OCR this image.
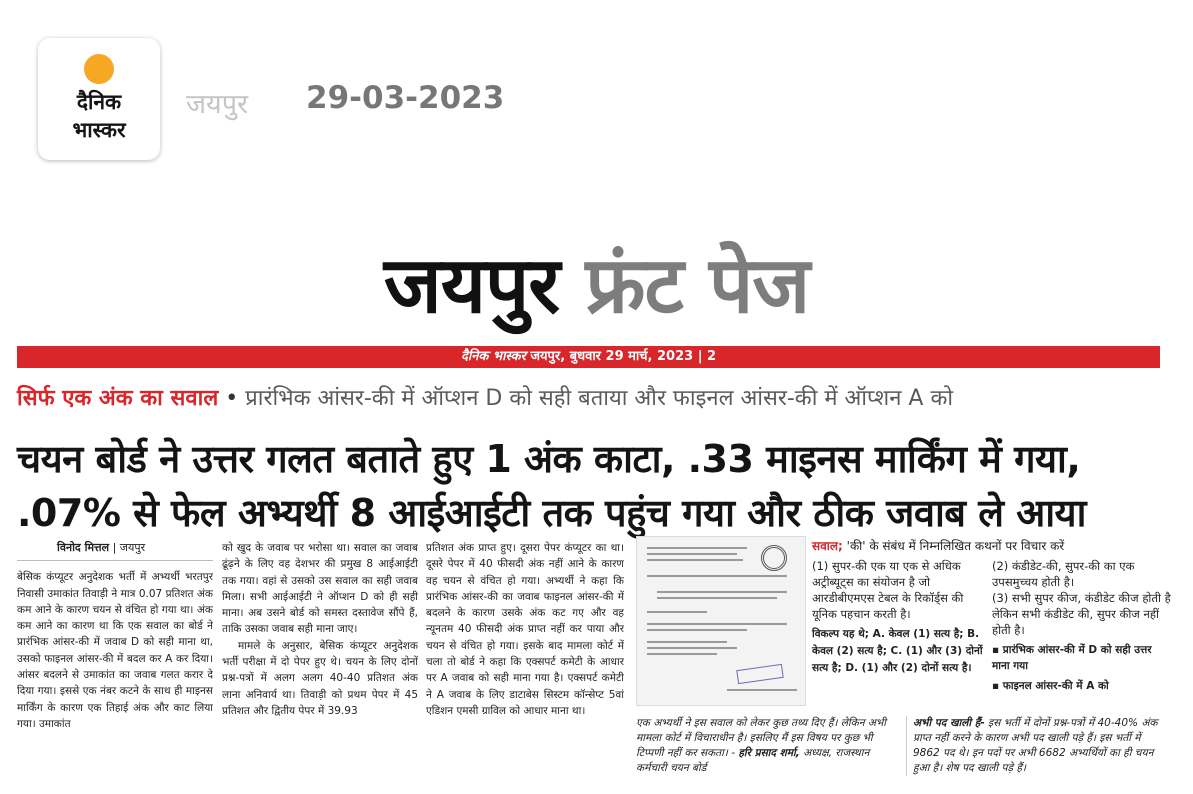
दैनिक
भास्कर
जयपुर 29-03-2023
जयपुर फ्रंट पेज
दैनिक भास्कर जयपुर, बुधवार 29 मार्च, 2023 | 2
सिर्फ एक अंक का सवाल • प्रारंभिक आंसर-की में ऑप्शन D को सही बताया और फाइनल आंसर-की में ऑप्शन A को
चयन बोर्ड ने उत्तर गलत बताते हुए 1 अंक काटा, .33 माइनस मार्किंग में गया,
.07% से फेल अभ्यर्थी 8 आईआईटी तक पहुंच गया और ठीक जवाब ले आया
विनोद मित्तल | जयपुर

बेसिक कंप्यूटर अनुदेशक भर्ती में अभ्यर्थी भरतपुर निवासी उमाकांत तिवाड़ी ने मात्र 0.07 प्रतिशत अंक कम आने के कारण चयन से वंचित हो गया था। अंक कम आने का कारण था कि एक सवाल का बोर्ड ने प्रारंभिक आंसर-की में जवाब D को सही माना था, उसको फाइनल आंसर-की में बदल कर A कर दिया। आंसर बदलने से उमाकांत का जवाब गलत करार दे दिया गया। इससे एक नंबर कटने के साथ ही माइनस मार्किंग के कारण एक तिहाई अंक और काट लिया गया। उमाकांत

को खुद के जवाब पर भरोसा था। सवाल का जवाब ढूंढ़ने के लिए वह देशभर की प्रमुख 8 आईआईटी तक गया। वहां से उसको उस सवाल का सही जवाब मिला। सभी आईआईटी ने ऑप्शन D को ही सही माना। अब उसने बोर्ड को समस्त दस्तावेज सौंपे हैं, ताकि उसका जवाब सही माना जाए।

मामले के अनुसार, बेसिक कंप्यूटर अनुदेशक भर्ती परीक्षा में दो पेपर हुए थे। चयन के लिए दोनों प्रश्न-पत्रों में अलग अलग 40-40 प्रतिशत अंक लाना अनिवार्य था। तिवाड़ी को प्रथम पेपर में 45 प्रतिशत और द्वितीय पेपर में 39.93

प्रतिशत अंक प्राप्त हुए। दूसरा पेपर कंप्यूटर का था। दूसरे पेपर में 40 फीसदी अंक नहीं आने के कारण वह चयन से वंचित हो गया। अभ्यर्थी ने कहा कि प्रारंभिक आंसर-की का जवाब फाइनल आंसर-की में बदलने के कारण उसके अंक कट गए और वह न्यूनतम 40 फीसदी अंक प्राप्त नहीं कर पाया और चयन से वंचित हो गया। इसके बाद मामला कोर्ट में चला तो बोर्ड ने कहा कि एक्सपर्ट कमेटी के आधार पर A जवाब को सही माना गया है। एक्सपर्ट कमेटी ने A जवाब के लिए डाटाबेस सिस्टम कॉन्सेप्ट 5वां एडिशन एमसी ग्राविल को आधार माना था।

एक अभ्यर्थी ने इस सवाल को लेकर कुछ तथ्य दिए हैं। लेकिन अभी मामला कोर्ट में विचाराधीन है। इसलिए मैं इस विषय पर कुछ भी टिप्पणी नहीं कर सकता। - हरि प्रसाद शर्मा, अध्यक्ष, राजस्थान कर्मचारी चयन बोर्ड
सवाल; 'की' के संबंध में निम्नलिखित कथनों पर विचार करें
(1) सुपर-की एक या एक से अधिक अट्रीब्यूट्स का संयोजन है जो आरडीबीएमएस टेबल के रिकॉर्ड्स की यूनिक पहचान करती है।
विकल्प यह थे; A. केवल (1) सत्य है; B. केवल (2) सत्य है; C. (1) और (3) दोनों सत्य है; D. (1) और (2) दोनों सत्य है।
(2) कंडीडेट-की, सुपर-की का एक उपसमुच्चय होती है।
(3) सभी सुपर कीज, कंडीडेट कीज होती है लेकिन सभी कंडीडेट की, सुपर कीज नहीं होती है।
▪ प्रारंभिक आंसर-की में D को सही उत्तर माना गया
▪ फाइनल आंसर-की में A को
अभी पद खाली हैं- इस भर्ती में दोनों प्रश्न-पत्रों में 40-40% अंक प्राप्त नहीं करने के कारण अभी पद खाली पड़े हैं। इस भर्ती में 9862 पद थे। इन पदों पर अभी 6682 अभ्यर्थियों का ही चयन हुआ है। शेष पद खाली पड़े हैं।
